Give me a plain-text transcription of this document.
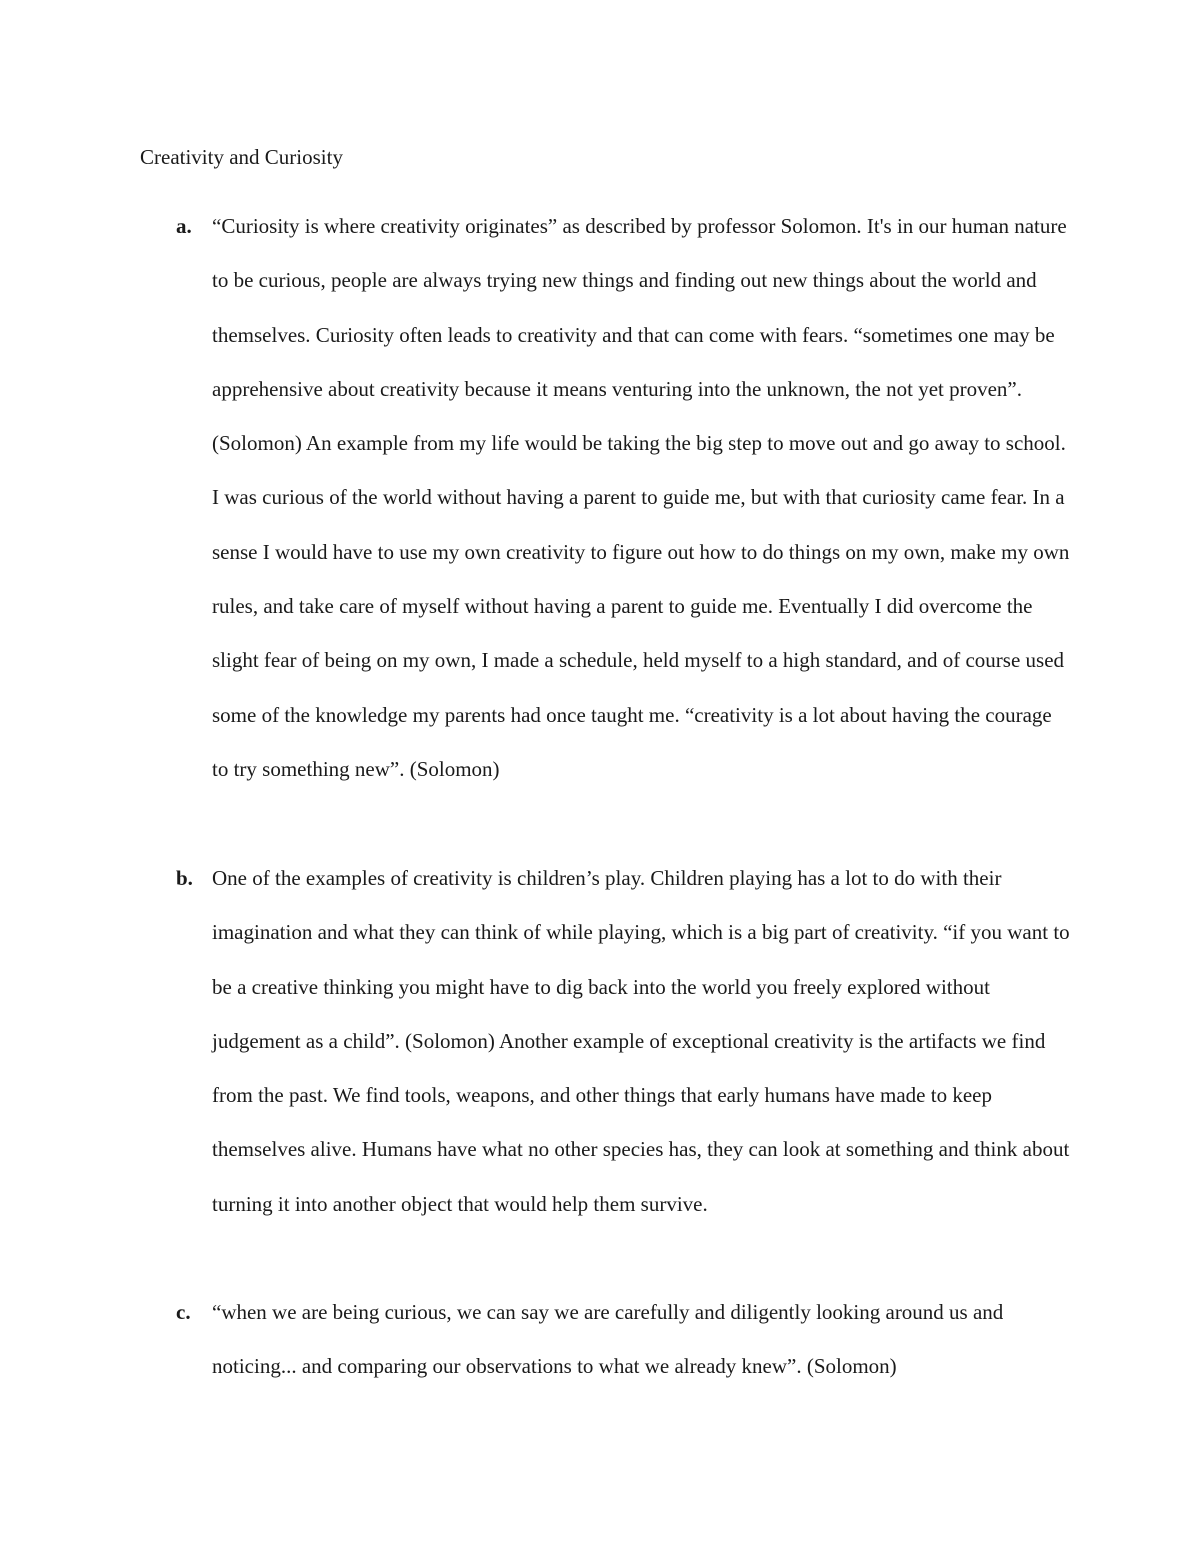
Creativity and Curiosity
a. “Curiosity is where creativity originates” as described by professor Solomon. It's in our human nature to be curious, people are always trying new things and finding out new things about the world and themselves. Curiosity often leads to creativity and that can come with fears. “sometimes one may be apprehensive about creativity because it means venturing into the unknown, the not yet proven”. (Solomon) An example from my life would be taking the big step to move out and go away to school. I was curious of the world without having a parent to guide me, but with that curiosity came fear. In a sense I would have to use my own creativity to figure out how to do things on my own, make my own rules, and take care of myself without having a parent to guide me. Eventually I did overcome the slight fear of being on my own, I made a schedule, held myself to a high standard, and of course used some of the knowledge my parents had once taught me. “creativity is a lot about having the courage to try something new”. (Solomon)

b. One of the examples of creativity is children’s play. Children playing has a lot to do with their imagination and what they can think of while playing, which is a big part of creativity. “if you want to be a creative thinking you might have to dig back into the world you freely explored without judgement as a child”. (Solomon) Another example of exceptional creativity is the artifacts we find from the past. We find tools, weapons, and other things that early humans have made to keep themselves alive. Humans have what no other species has, they can look at something and think about turning it into another object that would help them survive.

c. “when we are being curious, we can say we are carefully and diligently looking around us and noticing... and comparing our observations to what we already knew”. (Solomon)
